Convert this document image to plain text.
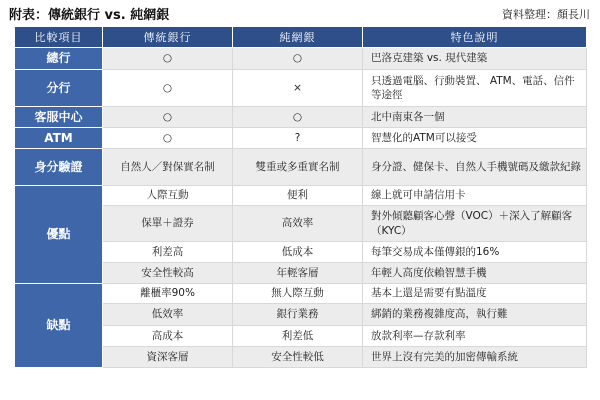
附表：傳統銀行 vs. 純網銀	資料整理：顏長川
比較項目	傳統銀行	純網銀	特色說明
總行	○	○	巴洛克建築 vs. 現代建築
分行	○	×	只透過電腦、行動裝置、 ATM、電話、信件等途徑
客服中心	○	○	北中南東各一個
ATM	○	?	智慧化的ATM可以接受
身分驗證	自然人／對保實名制	雙重或多重實名制	身分證、健保卡、自然人手機號碼及繳款紀錄
優點	人際互動	便利	線上就可申請信用卡
	保單＋證券	高效率	對外傾聽顧客心聲（VOC）＋深入了解顧客（KYC）
	利差高	低成本	每筆交易成本僅傳銀的16%
	安全性較高	年輕客層	年輕人高度依賴智慧手機
缺點	離櫃率90%	無人際互動	基本上還是需要有點溫度
	低效率	銀行業務	綁銷的業務複雜度高，執行難
	高成本	利差低	放款利率—存款利率
	資深客層	安全性較低	世界上沒有完美的加密傳輸系統
